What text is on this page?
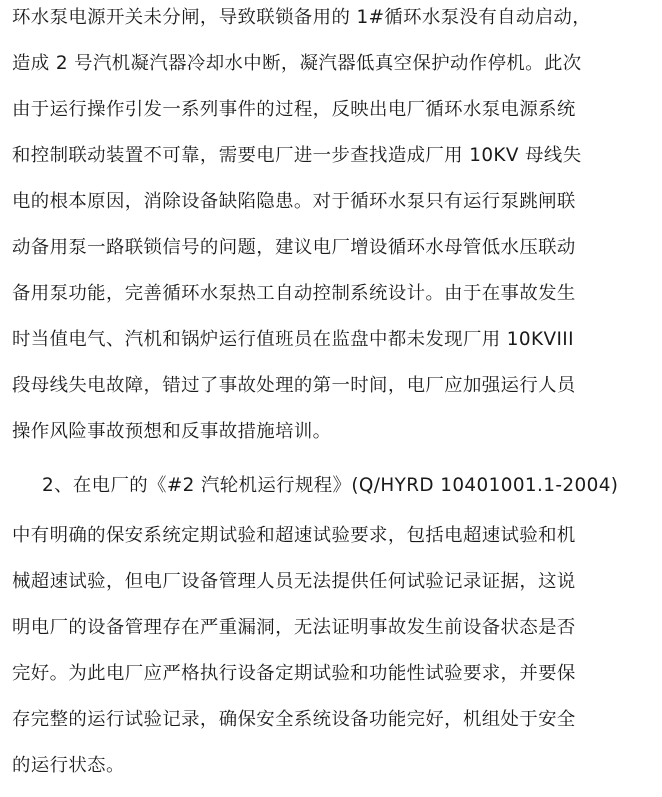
环水泵电源开关未分闸，导致联锁备用的 1#循环水泵没有自动启动，
造成 2 号汽机凝汽器冷却水中断，凝汽器低真空保护动作停机。此次
由于运行操作引发一系列事件的过程，反映出电厂循环水泵电源系统
和控制联动装置不可靠，需要电厂进一步查找造成厂用 10KV 母线失
电的根本原因，消除设备缺陷隐患。对于循环水泵只有运行泵跳闸联
动备用泵一路联锁信号的问题，建议电厂增设循环水母管低水压联动
备用泵功能，完善循环水泵热工自动控制系统设计。由于在事故发生
时当值电气、汽机和锅炉运行值班员在监盘中都未发现厂用 10KVIII
段母线失电故障，错过了事故处理的第一时间，电厂应加强运行人员
操作风险事故预想和反事故措施培训。
2、在电厂的《#2 汽轮机运行规程》(Q/HYRD 10401001.1-2004)
中有明确的保安系统定期试验和超速试验要求，包括电超速试验和机
械超速试验，但电厂设备管理人员无法提供任何试验记录证据，这说
明电厂的设备管理存在严重漏洞，无法证明事故发生前设备状态是否
完好。为此电厂应严格执行设备定期试验和功能性试验要求，并要保
存完整的运行试验记录，确保安全系统设备功能完好，机组处于安全
的运行状态。
